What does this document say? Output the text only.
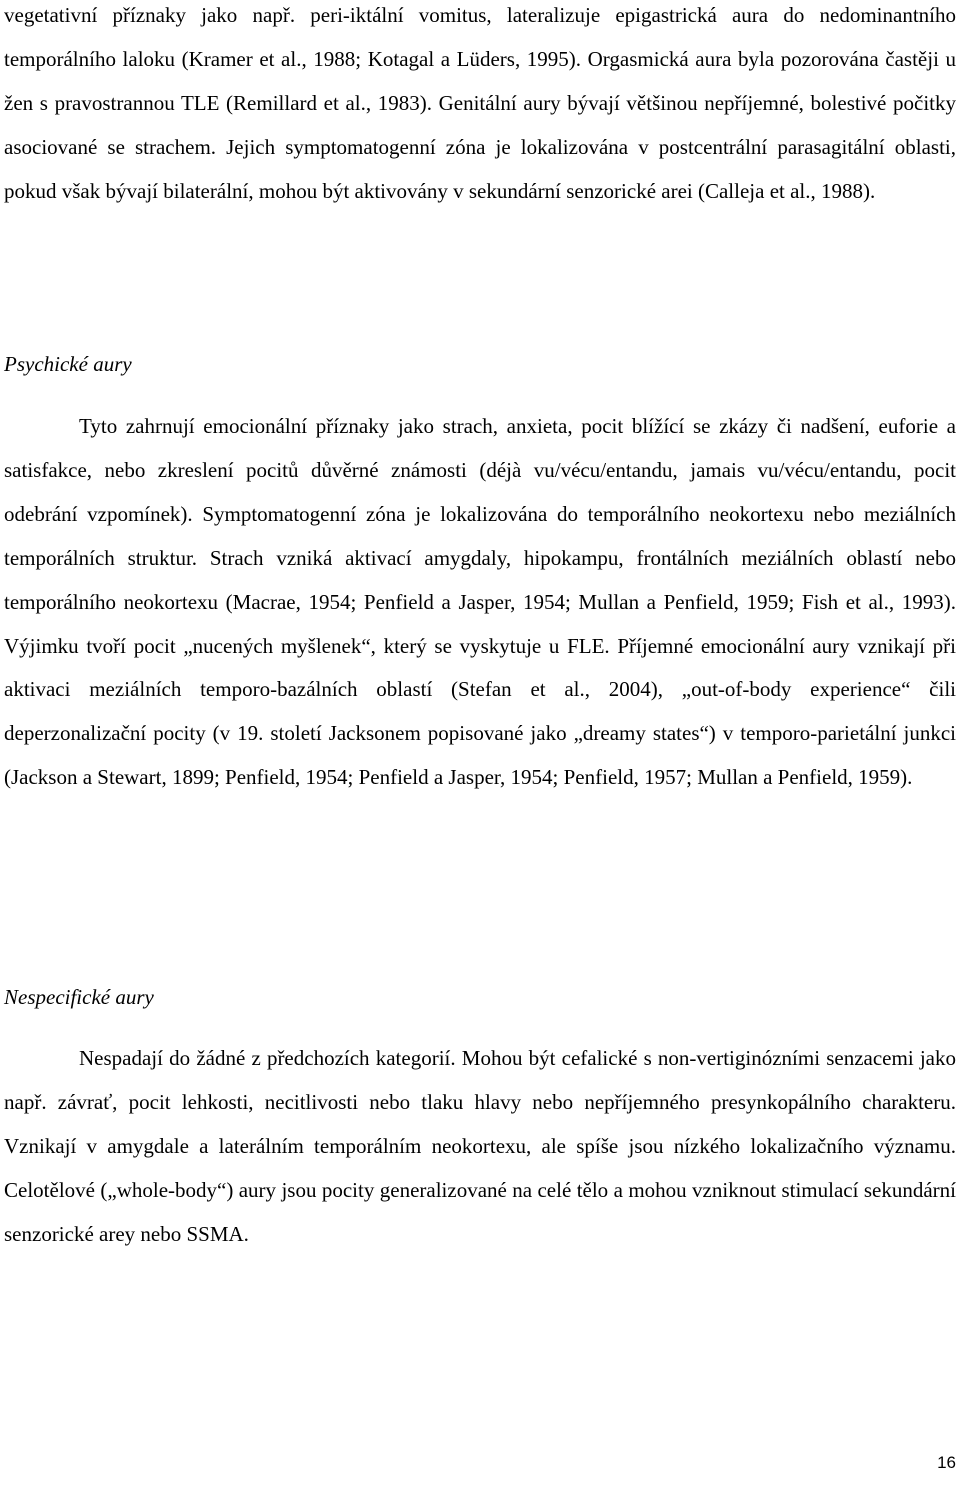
vegetativní příznaky jako např. peri-iktální vomitus, lateralizuje epigastrická aura do nedominantního temporálního laloku (Kramer et al., 1988; Kotagal a Lüders, 1995). Orgasmická aura byla pozorována častěji u žen s pravostrannou TLE (Remillard et al., 1983). Genitální aury bývají většinou nepříjemné, bolestivé počitky asociované se strachem. Jejich symptomatogenní zóna je lokalizována v postcentrální parasagitální oblasti, pokud však bývají bilaterální, mohou být aktivovány v sekundární senzorické arei (Calleja et al., 1988).

Psychické aury

Tyto zahrnují emocionální příznaky jako strach, anxieta, pocit blížící se zkázy či nadšení, euforie a satisfakce, nebo zkreslení pocitů důvěrné známosti (déjà vu/vécu/entandu, jamais vu/vécu/entandu, pocit odebrání vzpomínek). Symptomatogenní zóna je lokalizována do temporálního neokortexu nebo meziálních temporálních struktur. Strach vzniká aktivací amygdaly, hipokampu, frontálních meziálních oblastí nebo temporálního neokortexu (Macrae, 1954; Penfield a Jasper, 1954; Mullan a Penfield, 1959; Fish et al., 1993). Výjimku tvoří pocit „nucených myšlenek“, který se vyskytuje u FLE. Příjemné emocionální aury vznikají při aktivaci meziálních temporo-bazálních oblastí (Stefan et al., 2004), „out-of-body experience“ čili deperzonalizační pocity (v 19. století Jacksonem popisované jako „dreamy states“) v temporo-parietální junkci (Jackson a Stewart, 1899; Penfield, 1954; Penfield a Jasper, 1954; Penfield, 1957; Mullan a Penfield, 1959).

Nespecifické aury

Nespadají do žádné z předchozích kategorií. Mohou být cefalické s non-vertiginózními senzacemi jako např. závrať, pocit lehkosti, necitlivosti nebo tlaku hlavy nebo nepříjemného presynkopálního charakteru. Vznikají v amygdale a laterálním temporálním neokortexu, ale spíše jsou nízkého lokalizačního významu. Celotělové („whole-body“) aury jsou pocity generalizované na celé tělo a mohou vzniknout stimulací sekundární senzorické arey nebo SSMA.

16
